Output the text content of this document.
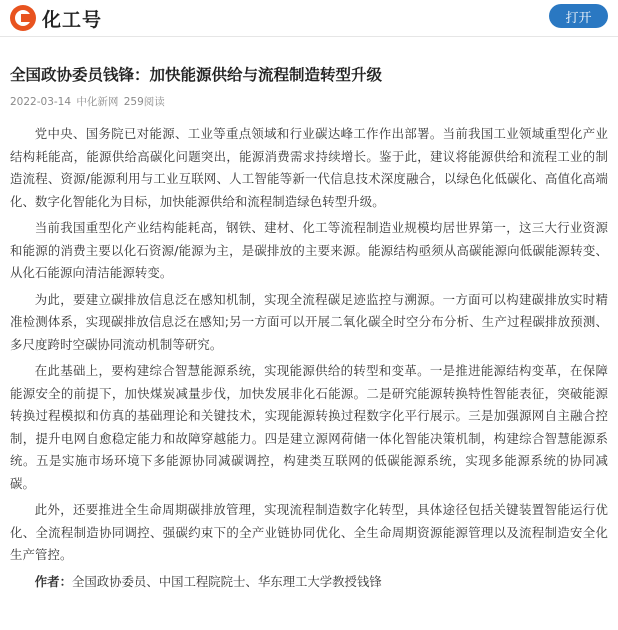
化工号	打开
全国政协委员钱锋：加快能源供给与流程制造转型升级
2022-03-14 中化新网 259阅读

党中央、国务院已对能源、工业等重点领域和行业碳达峰工作作出部署。当前我国工业领域重型化产业结构耗能高，能源供给高碳化问题突出，能源消费需求持续增长。鉴于此，建议将能源供给和流程工业的制造流程、资源/能源利用与工业互联网、人工智能等新一代信息技术深度融合，以绿色化低碳化、高值化高端化、数字化智能化为目标，加快能源供给和流程制造绿色转型升级。

当前我国重型化产业结构能耗高，钢铁、建材、化工等流程制造业规模均居世界第一，这三大行业资源和能源的消费主要以化石资源/能源为主，是碳排放的主要来源。能源结构亟须从高碳能源向低碳能源转变、从化石能源向清洁能源转变。

为此，要建立碳排放信息泛在感知机制，实现全流程碳足迹监控与溯源。一方面可以构建碳排放实时精准检测体系，实现碳排放信息泛在感知;另一方面可以开展二氧化碳全时空分布分析、生产过程碳排放预测、多尺度跨时空碳协同流动机制等研究。

在此基础上，要构建综合智慧能源系统，实现能源供给的转型和变革。一是推进能源结构变革，在保障能源安全的前提下，加快煤炭减量步伐，加快发展非化石能源。二是研究能源转换特性智能表征，突破能源转换过程模拟和仿真的基础理论和关键技术，实现能源转换过程数字化平行展示。三是加强源网自主融合控制，提升电网自愈稳定能力和故障穿越能力。四是建立源网荷储一体化智能决策机制，构建综合智慧能源系统。五是实施市场环境下多能源协同减碳调控，构建类互联网的低碳能源系统，实现多能源系统的协同减碳。

此外，还要推进全生命周期碳排放管理，实现流程制造数字化转型，具体途径包括关键装置智能运行优化、全流程制造协同调控、强碳约束下的全产业链协同优化、全生命周期资源能源管理以及流程制造安全化生产管控。

作者：全国政协委员、中国工程院院士、华东理工大学教授钱锋
